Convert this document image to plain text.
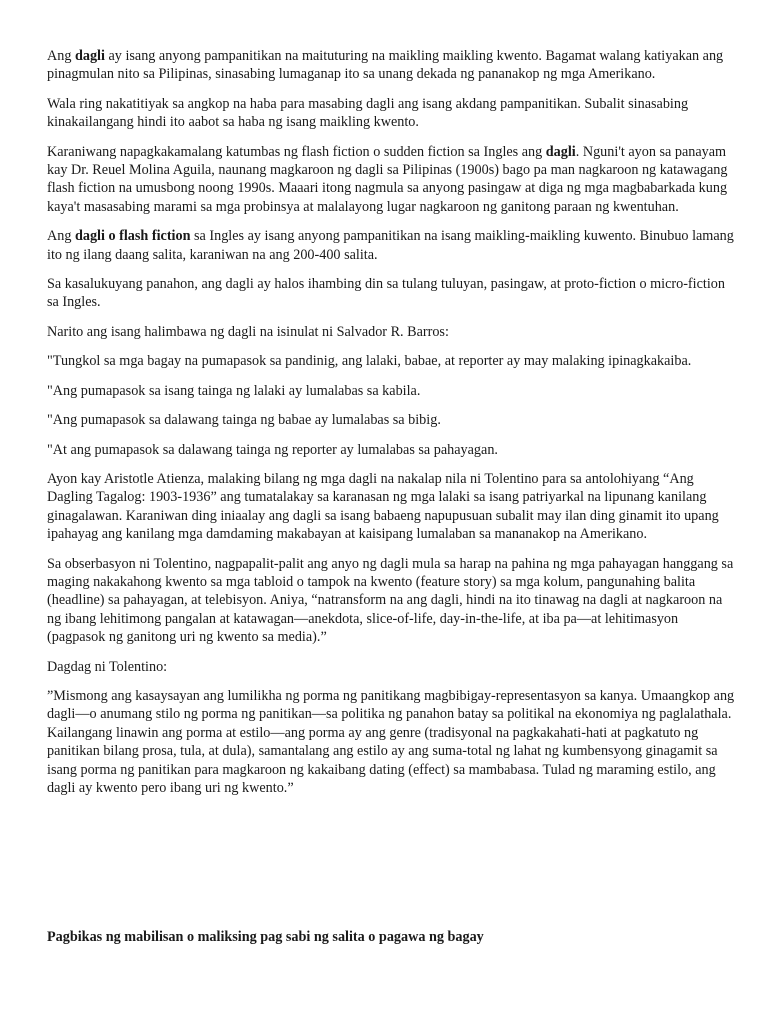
Ang dagli ay isang anyong pampanitikan na maituturing na maikling maikling kwento. Bagamat walang katiyakan ang pinagmulan nito sa Pilipinas, sinasabing lumaganap ito sa unang dekada ng pananakop ng mga Amerikano.

Wala ring nakatitiyak sa angkop na haba para masabing dagli ang isang akdang pampanitikan. Subalit sinasabing kinakailangang hindi ito aabot sa haba ng isang maikling kwento.

Karaniwang napagkakamalang katumbas ng flash fiction o sudden fiction sa Ingles ang dagli. Nguni't ayon sa panayam kay Dr. Reuel Molina Aguila, naunang magkaroon ng dagli sa Pilipinas (1900s) bago pa man nagkaroon ng katawagang flash fiction na umusbong noong 1990s. Maaari itong nagmula sa anyong pasingaw at diga ng mga magbabarkada kung kaya't masasabing marami sa mga probinsya at malalayong lugar nagkaroon ng ganitong paraan ng kwentuhan.

Ang dagli o flash fiction sa Ingles ay isang anyong pampanitikan na isang maikling-maikling kuwento. Binubuo lamang ito ng ilang daang salita, karaniwan na ang 200-400 salita.

Sa kasalukuyang panahon, ang dagli ay halos ihambing din sa tulang tuluyan, pasingaw, at proto-fiction o micro-fiction sa Ingles.

Narito ang isang halimbawa ng dagli na isinulat ni Salvador R. Barros:

"Tungkol sa mga bagay na pumapasok sa pandinig, ang lalaki, babae, at reporter ay may malaking ipinagkakaiba.

"Ang pumapasok sa isang tainga ng lalaki ay lumalabas sa kabila.

"Ang pumapasok sa dalawang tainga ng babae ay lumalabas sa bibig.

"At ang pumapasok sa dalawang tainga ng reporter ay lumalabas sa pahayagan.

Ayon kay Aristotle Atienza, malaking bilang ng mga dagli na nakalap nila ni Tolentino para sa antolohiyang “Ang Dagling Tagalog: 1903-1936” ang tumatalakay sa karanasan ng mga lalaki sa isang patriyarkal na lipunang kanilang ginagalawan. Karaniwan ding iniaalay ang dagli sa isang babaeng napupusuan subalit may ilan ding ginamit ito upang ipahayag ang kanilang mga damdaming makabayan at kaisipang lumalaban sa mananakop na Amerikano.

Sa obserbasyon ni Tolentino, nagpapalit-palit ang anyo ng dagli mula sa harap na pahina ng mga pahayagan hanggang sa maging nakakahong kwento sa mga tabloid o tampok na kwento (feature story) sa mga kolum, pangunahing balita (headline) sa pahayagan, at telebisyon. Aniya, “natransform na ang dagli, hindi na ito tinawag na dagli at nagkaroon na ng ibang lehitimong pangalan at katawagan—anekdota, slice-of-life, day-in-the-life, at iba pa—at lehitimasyon (pagpasok ng ganitong uri ng kwento sa media).”

Dagdag ni Tolentino:

”Mismong ang kasaysayan ang lumilikha ng porma ng panitikang magbibigay-representasyon sa kanya. Umaangkop ang dagli—o anumang stilo ng porma ng panitikan—sa politika ng panahon batay sa politikal na ekonomiya ng paglalathala. Kailangang linawin ang porma at estilo—ang porma ay ang genre (tradisyonal na pagkakahati-hati at pagkatuto ng panitikan bilang prosa, tula, at dula), samantalang ang estilo ay ang suma-total ng lahat ng kumbensyong ginagamit sa isang porma ng panitikan para magkaroon ng kakaibang dating (effect) sa mambabasa. Tulad ng maraming estilo, ang dagli ay kwento pero ibang uri ng kwento.”

Pagbikas ng mabilisan o maliksing pag sabi ng salita o pagawa ng bagay
